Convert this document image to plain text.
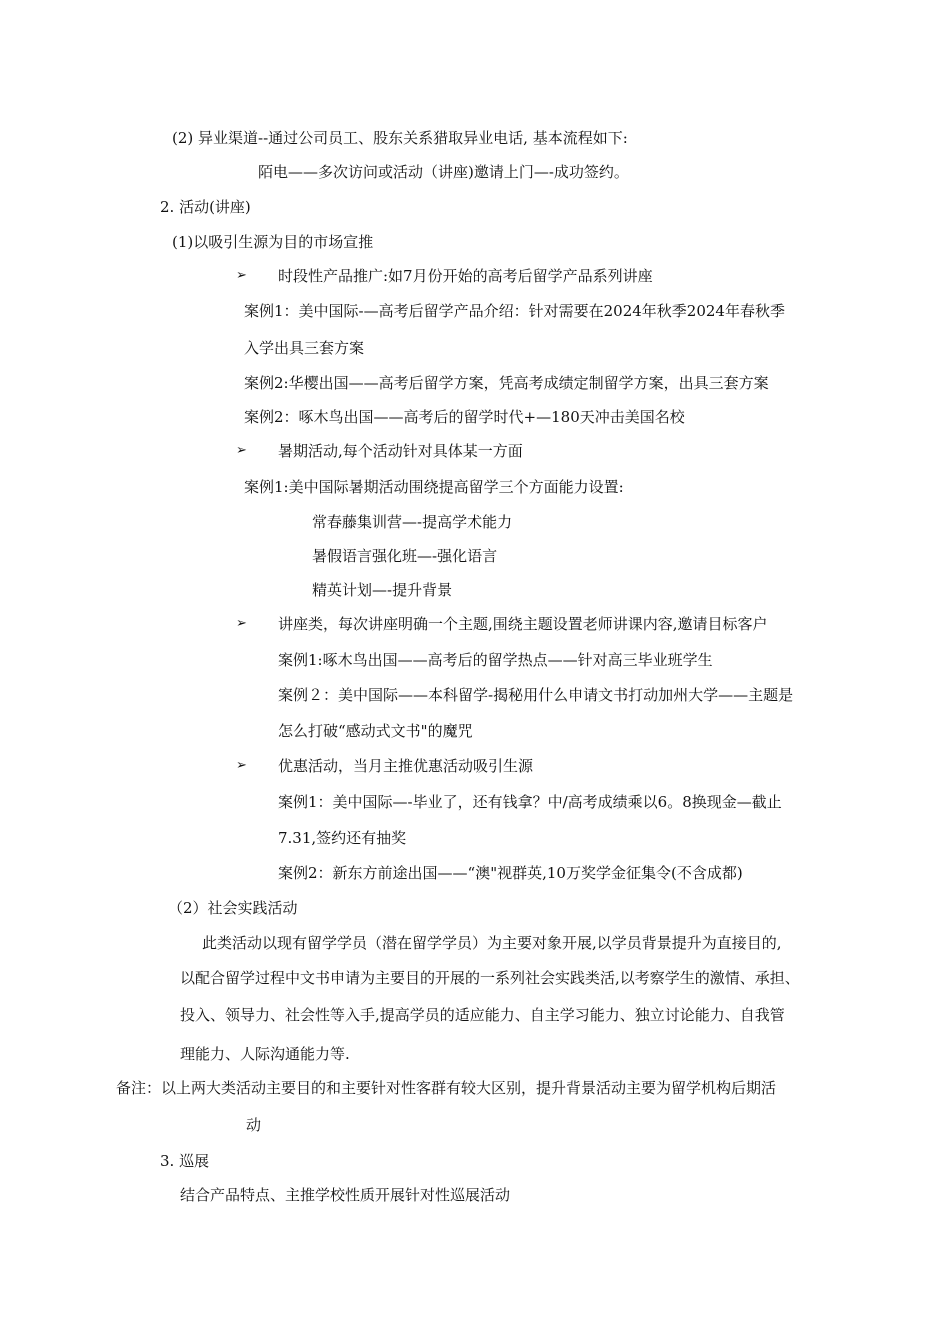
(2) 异业渠道--通过公司员工、股东关系猎取异业电话, 基本流程如下:
陌电——多次访问或活动（讲座)邀请上门—-成功签约。
2. 活动(讲座)
(1)以吸引生源为目的市场宣推
➢ 时段性产品推广:如7月份开始的高考后留学产品系列讲座
案例1：美中国际-—高考后留学产品介绍：针对需要在2024年秋季2024年春秋季
入学出具三套方案
案例2:华樱出国——高考后留学方案，凭高考成绩定制留学方案，出具三套方案
案例2：啄木鸟出国——高考后的留学时代+—180天冲击美国名校
➢ 暑期活动,每个活动针对具体某一方面
案例1:美中国际暑期活动围绕提高留学三个方面能力设置:
常春藤集训营—-提高学术能力
暑假语言强化班—-强化语言
精英计划—-提升背景
➢ 讲座类，每次讲座明确一个主题,围绕主题设置老师讲课内容,邀请目标客户
案例1:啄木鸟出国——高考后的留学热点——针对高三毕业班学生
案例２：美中国际——本科留学-揭秘用什么申请文书打动加州大学——主题是
怎么打破“感动式文书"的魔咒
➢ 优惠活动，当月主推优惠活动吸引生源
案例1：美中国际—-毕业了，还有钱拿？中/高考成绩乘以6。8换现金—截止
7.31,签约还有抽奖
案例2：新东方前途出国——“澳"视群英,10万奖学金征集令(不含成都)
（2）社会实践活动
此类活动以现有留学学员（潜在留学学员）为主要对象开展,以学员背景提升为直接目的,
以配合留学过程中文书申请为主要目的开展的一系列社会实践类活,以考察学生的激情、承担、
投入、领导力、社会性等入手,提高学员的适应能力、自主学习能力、独立讨论能力、自我管
理能力、人际沟通能力等.
备注：以上两大类活动主要目的和主要针对性客群有较大区别，提升背景活动主要为留学机构后期活
动
3. 巡展
结合产品特点、主推学校性质开展针对性巡展活动
